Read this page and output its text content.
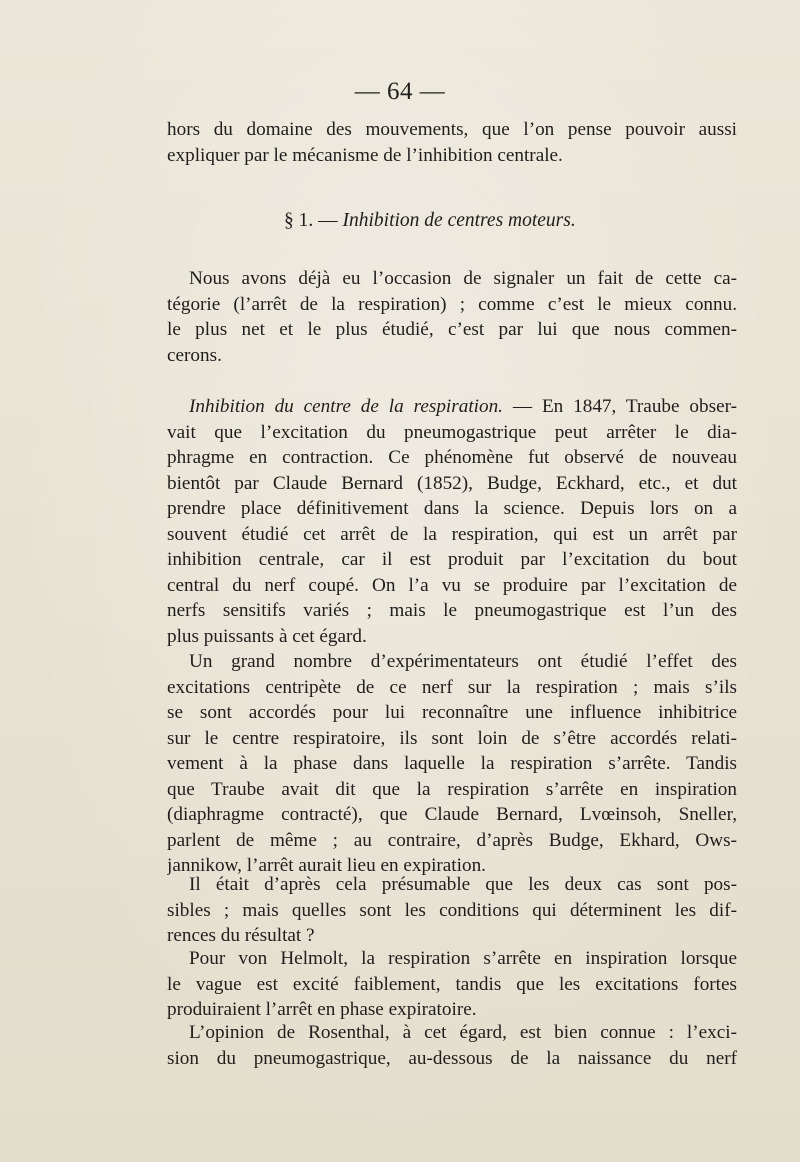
— 64 —
hors du domaine des mouvements, que l’on pense pouvoir aussi
expliquer par le mécanisme de l’inhibition centrale.
§ 1. — Inhibition de centres moteurs.
Nous avons déjà eu l’occasion de signaler un fait de cette ca-
tégorie (l’arrêt de la respiration) ; comme c’est le mieux connu.
le plus net et le plus étudié, c’est par lui que nous commen-
cerons.
Inhibition du centre de la respiration. — En 1847, Traube obser-
vait que l’excitation du pneumogastrique peut arrêter le dia-
phragme en contraction. Ce phénomène fut observé de nouveau
bientôt par Claude Bernard (1852), Budge, Eckhard, etc., et dut
prendre place définitivement dans la science. Depuis lors on a
souvent étudié cet arrêt de la respiration, qui est un arrêt par
inhibition centrale, car il est produit par l’excitation du bout
central du nerf coupé. On l’a vu se produire par l’excitation de
nerfs sensitifs variés ; mais le pneumogastrique est l’un des
plus puissants à cet égard.
Un grand nombre d’expérimentateurs ont étudié l’effet des
excitations centripète de ce nerf sur la respiration ; mais s’ils
se sont accordés pour lui reconnaître une influence inhibitrice
sur le centre respiratoire, ils sont loin de s’être accordés relati-
vement à la phase dans laquelle la respiration s’arrête. Tandis
que Traube avait dit que la respiration s’arrête en inspiration
(diaphragme contracté), que Claude Bernard, Lvœinsoh, Sneller,
parlent de même ; au contraire, d’après Budge, Ekhard, Ows-
jannikow, l’arrêt aurait lieu en expiration.
Il était d’après cela présumable que les deux cas sont pos-
sibles ; mais quelles sont les conditions qui déterminent les dif-
rences du résultat ?
Pour von Helmolt, la respiration s’arrête en inspiration lorsque
le vague est excité faiblement, tandis que les excitations fortes
produiraient l’arrêt en phase expiratoire.
L’opinion de Rosenthal, à cet égard, est bien connue : l’exci-
sion du pneumogastrique, au-dessous de la naissance du nerf
